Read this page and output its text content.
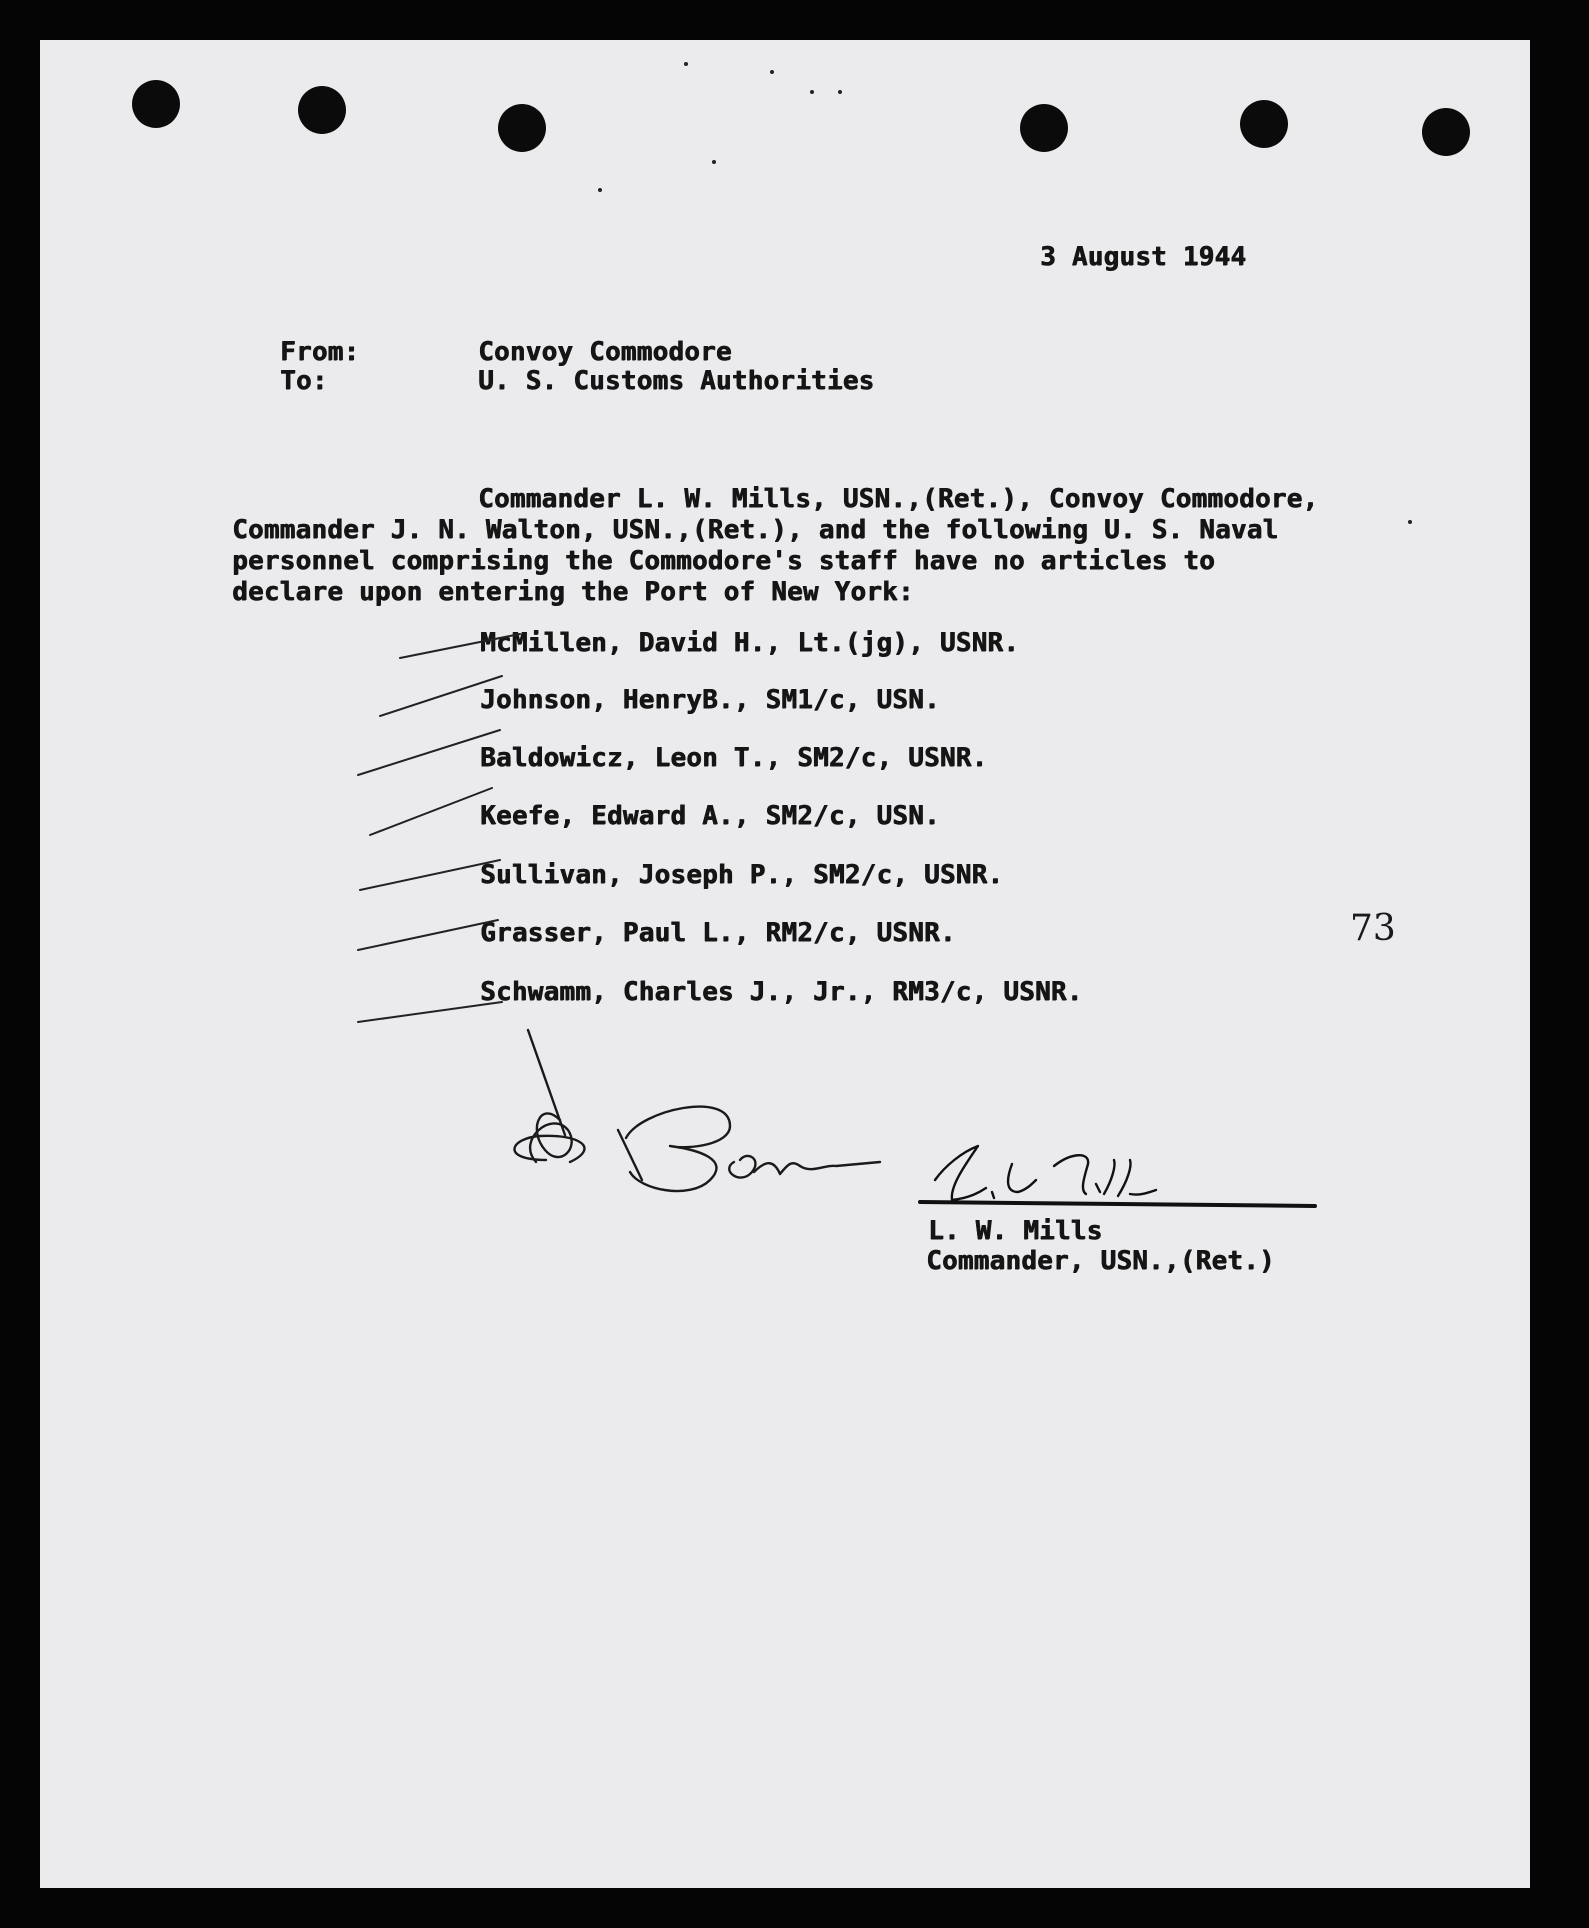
3 August 1944
From:	Convoy Commodore
To:	U. S. Customs Authorities
Commander L. W. Mills, USN.,(Ret.), Convoy Commodore,
Commander J. N. Walton, USN.,(Ret.), and the following U. S. Naval
personnel comprising the Commodore's staff have no articles to
declare upon entering the Port of New York:
McMillen, David H., Lt.(jg), USNR.
Johnson, HenryB., SM1/c, USN.
Baldowicz, Leon T., SM2/c, USNR.
Keefe, Edward A., SM2/c, USN.
Sullivan, Joseph P., SM2/c, USNR.
Grasser, Paul L., RM2/c, USNR.
Schwamm, Charles J., Jr., RM3/c, USNR.
73
L. W. Mills
Commander, USN.,(Ret.)
